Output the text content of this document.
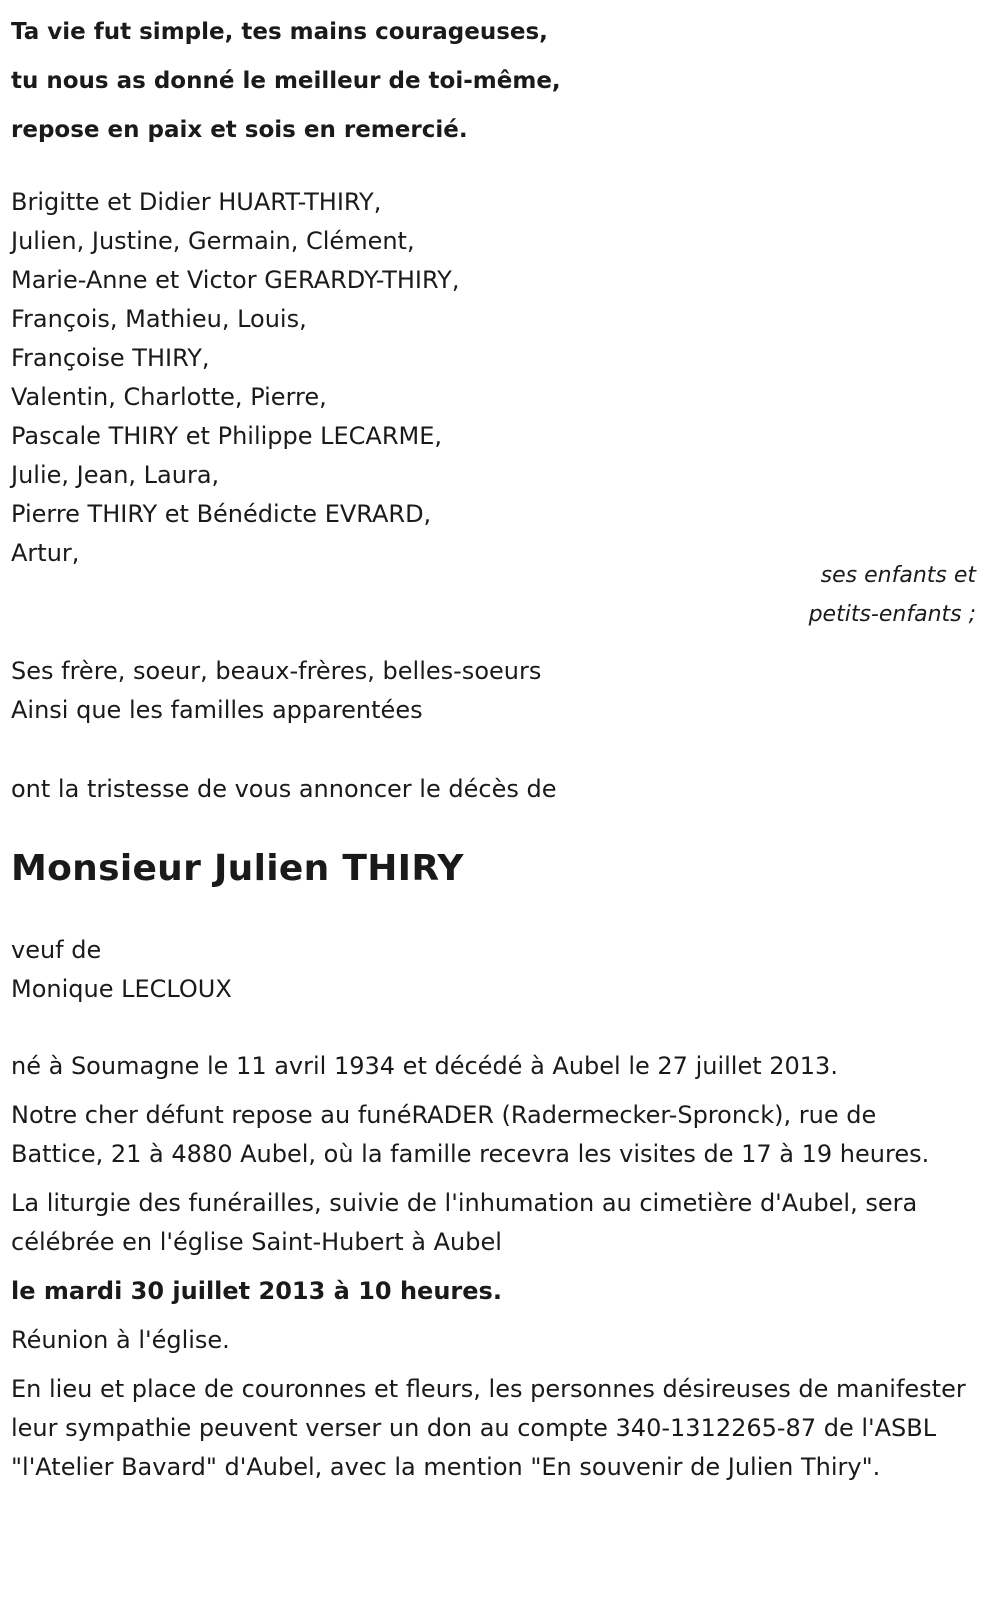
Ta vie fut simple, tes mains courageuses,
tu nous as donné le meilleur de toi-même,
repose en paix et sois en remercié.
Brigitte et Didier HUART-THIRY,
Julien, Justine, Germain, Clément,
Marie-Anne et Victor GERARDY-THIRY,
François, Mathieu, Louis,
Françoise THIRY,
Valentin, Charlotte, Pierre,
Pascale THIRY et Philippe LECARME,
Julie, Jean, Laura,
Pierre THIRY et Bénédicte EVRARD,
Artur,
ses enfants et
petits-enfants ;
Ses frère, soeur, beaux-frères, belles-soeurs
Ainsi que les familles apparentées
ont la tristesse de vous annoncer le décès de
Monsieur Julien THIRY
veuf de
Monique LECLOUX

né à Soumagne le 11 avril 1934 et décédé à Aubel le 27 juillet 2013.

Notre cher défunt repose au funéRADER (Radermecker-Spronck), rue de Battice, 21 à 4880 Aubel, où la famille recevra les visites de 17 à 19 heures.

La liturgie des funérailles, suivie de l'inhumation au cimetière d'Aubel, sera célébrée en l'église Saint-Hubert à Aubel

le mardi 30 juillet 2013 à 10 heures.

Réunion à l'église.

En lieu et place de couronnes et fleurs, les personnes désireuses de manifester leur sympathie peuvent verser un don au compte 340-1312265-87 de l'ASBL "l'Atelier Bavard" d'Aubel, avec la mention "En souvenir de Julien Thiry".
